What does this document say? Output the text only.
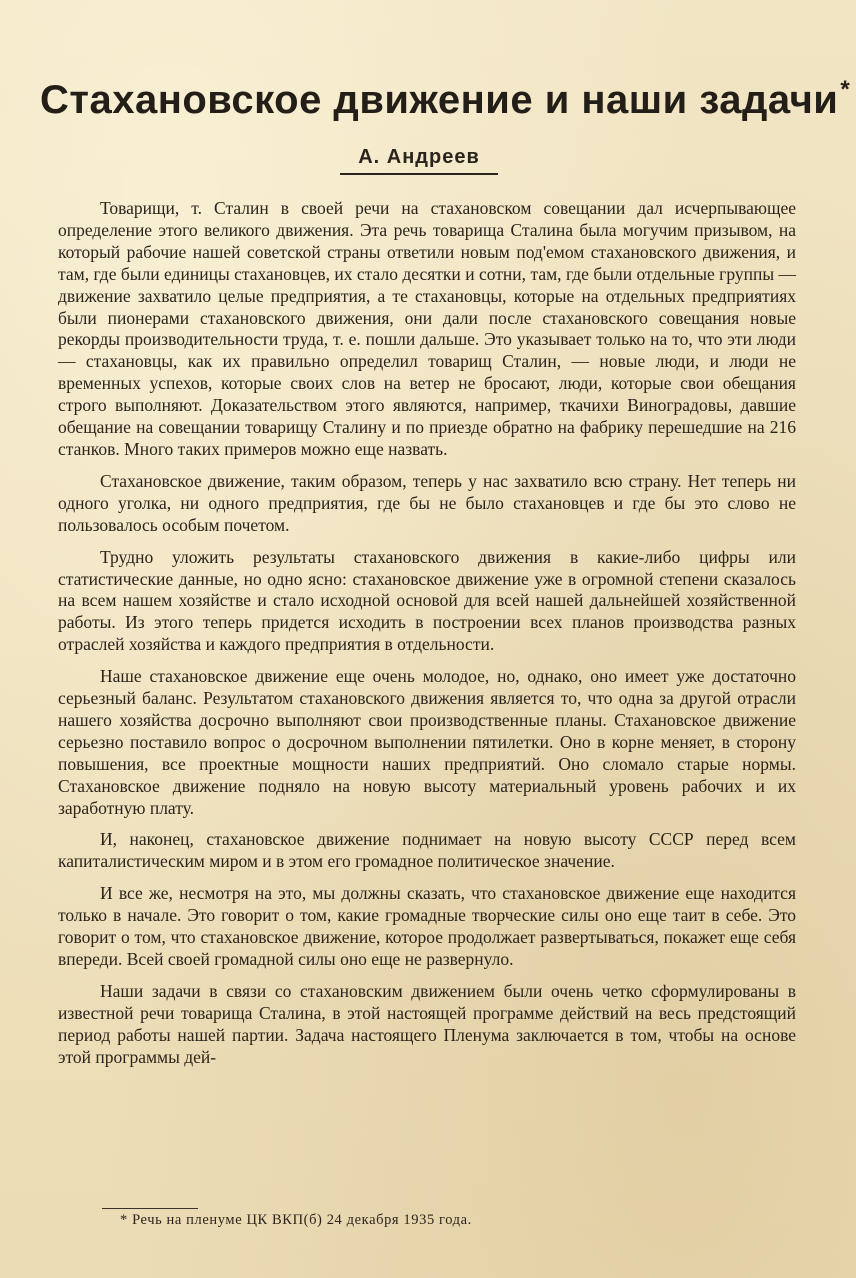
Стахановское движение и наши задачи*
А. Андреев

Товарищи, т. Сталин в своей речи на стахановском совещании дал исчерпывающее определение этого великого движения. Эта речь товарища Сталина была могучим призывом, на который рабочие нашей советской страны ответили новым под'емом стахановского движения, и там, где были единицы стахановцев, их стало десятки и сотни, там, где были отдельные группы — движение захватило целые предприятия, а те стахановцы, которые на отдельных предприятиях были пионерами стахановского движения, они дали после стахановского совещания новые рекорды производительности труда, т. е. пошли дальше. Это указывает только на то, что эти люди — стахановцы, как их правильно определил товарищ Сталин, — новые люди, и люди не временных успехов, которые своих слов на ветер не бросают, люди, которые свои обещания строго выполняют. Доказательством этого являются, например, ткачихи Виноградовы, давшие обещание на совещании товарищу Сталину и по приезде обратно на фабрику перешедшие на 216 станков. Много таких примеров можно еще назвать.

Стахановское движение, таким образом, теперь у нас захватило всю страну. Нет теперь ни одного уголка, ни одного предприятия, где бы не было стахановцев и где бы это слово не пользовалось особым почетом.

Трудно уложить результаты стахановского движения в какие-либо цифры или статистические данные, но одно ясно: стахановское движение уже в огромной степени сказалось на всем нашем хозяйстве и стало исходной основой для всей нашей дальнейшей хозяйственной работы. Из этого теперь придется исходить в построении всех планов производства разных отраслей хозяйства и каждого предприятия в отдельности.

Наше стахановское движение еще очень молодое, но, однако, оно имеет уже достаточно серьезный баланс. Результатом стахановского движения является то, что одна за другой отрасли нашего хозяйства досрочно выполняют свои производственные планы. Стахановское движение серьезно поставило вопрос о досрочном выполнении пятилетки. Оно в корне меняет, в сторону повышения, все проектные мощности наших предприятий. Оно сломало старые нормы. Стахановское движение подняло на новую высоту материальный уровень рабочих и их заработную плату.

И, наконец, стахановское движение поднимает на новую высоту СССР перед всем капиталистическим миром и в этом его громадное политическое значение.

И все же, несмотря на это, мы должны сказать, что стахановское движение еще находится только в начале. Это говорит о том, какие громадные творческие силы оно еще таит в себе. Это говорит о том, что стахановское движение, которое продолжает развертываться, покажет еще себя впереди. Всей своей громадной силы оно еще не развернуло.

Наши задачи в связи со стахановским движением были очень четко сформулированы в известной речи товарища Сталина, в этой настоящей программе действий на весь предстоящий период работы нашей партии. Задача настоящего Пленума заключается в том, чтобы на основе этой программы дей-

* Речь на пленуме ЦК ВКП(б) 24 декабря 1935 года.
